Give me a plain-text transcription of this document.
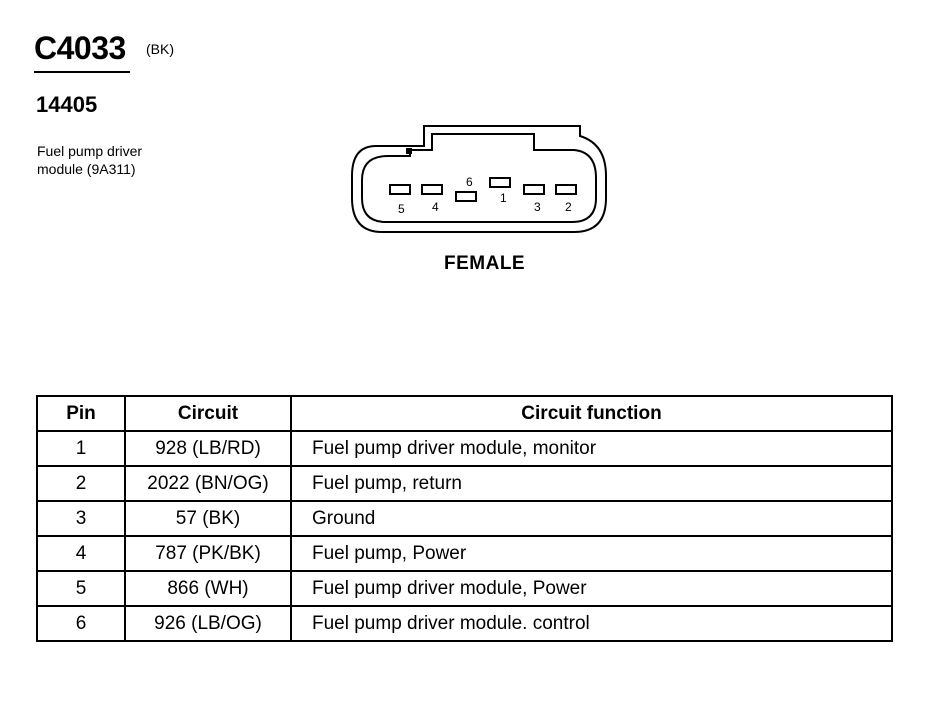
C4033 (BK)
14405
Fuel pump driver
module (9A311)
5 4
6
1
3 2
FEMALE
Pin	Circuit	Circuit function
1	928 (LB/RD)	Fuel pump driver module, monitor
2	2022 (BN/OG)	Fuel pump, return
3	57 (BK)	Ground
4	787 (PK/BK)	Fuel pump, Power
5	866 (WH)	Fuel pump driver module, Power
6	926 (LB/OG)	Fuel pump driver module. control
